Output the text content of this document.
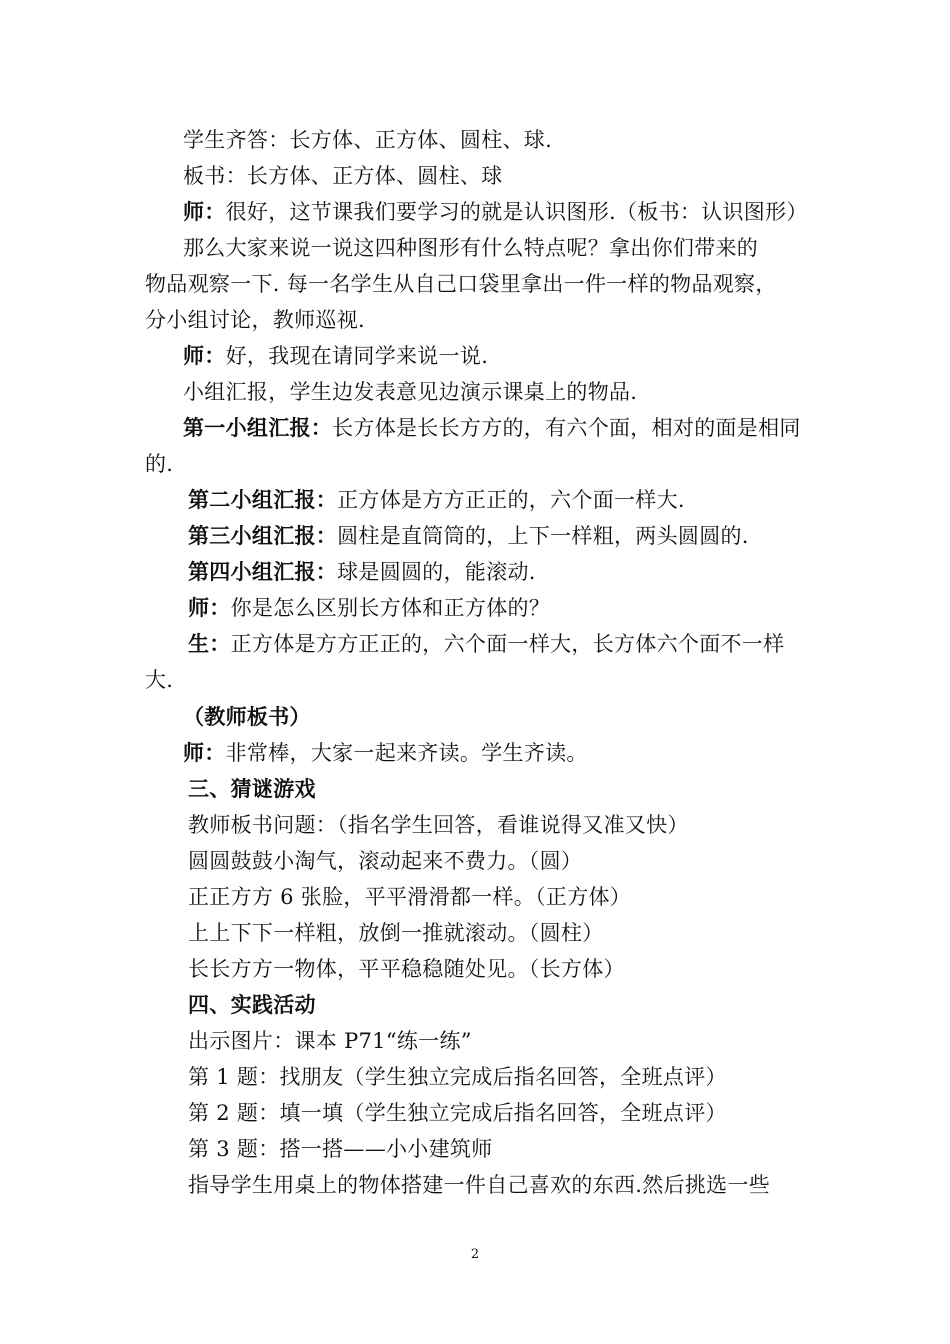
学生齐答：长方体、正方体、圆柱、球.
板书：长方体、正方体、圆柱、球
师：很好，这节课我们要学习的就是认识图形.（板书：认识图形）
那么大家来说一说这四种图形有什么特点呢？拿出你们带来的
物品观察一下. 每一名学生从自己口袋里拿出一件一样的物品观察，
分小组讨论，教师巡视.
师：好，我现在请同学来说一说.
小组汇报，学生边发表意见边演示课桌上的物品.
第一小组汇报：长方体是长长方方的，有六个面，相对的面是相同
的.
第二小组汇报：正方体是方方正正的，六个面一样大.
第三小组汇报：圆柱是直筒筒的，上下一样粗，两头圆圆的.
第四小组汇报：球是圆圆的，能滚动.
师：你是怎么区别长方体和正方体的？
生：正方体是方方正正的，六个面一样大，长方体六个面不一样
大.
（教师板书）
师：非常棒，大家一起来齐读。学生齐读。
三、猜谜游戏
教师板书问题：（指名学生回答，看谁说得又准又快）
圆圆鼓鼓小淘气，滚动起来不费力。（圆）
正正方方 6 张脸，平平滑滑都一样。（正方体）
上上下下一样粗，放倒一推就滚动。（圆柱）
长长方方一物体，平平稳稳随处见。（长方体）
四、实践活动
出示图片：课本 P71“练一练”
第 1 题：找朋友（学生独立完成后指名回答，全班点评）
第 2 题：填一填（学生独立完成后指名回答，全班点评）
第 3 题：搭一搭——小小建筑师
指导学生用桌上的物体搭建一件自己喜欢的东西.然后挑选一些
2
